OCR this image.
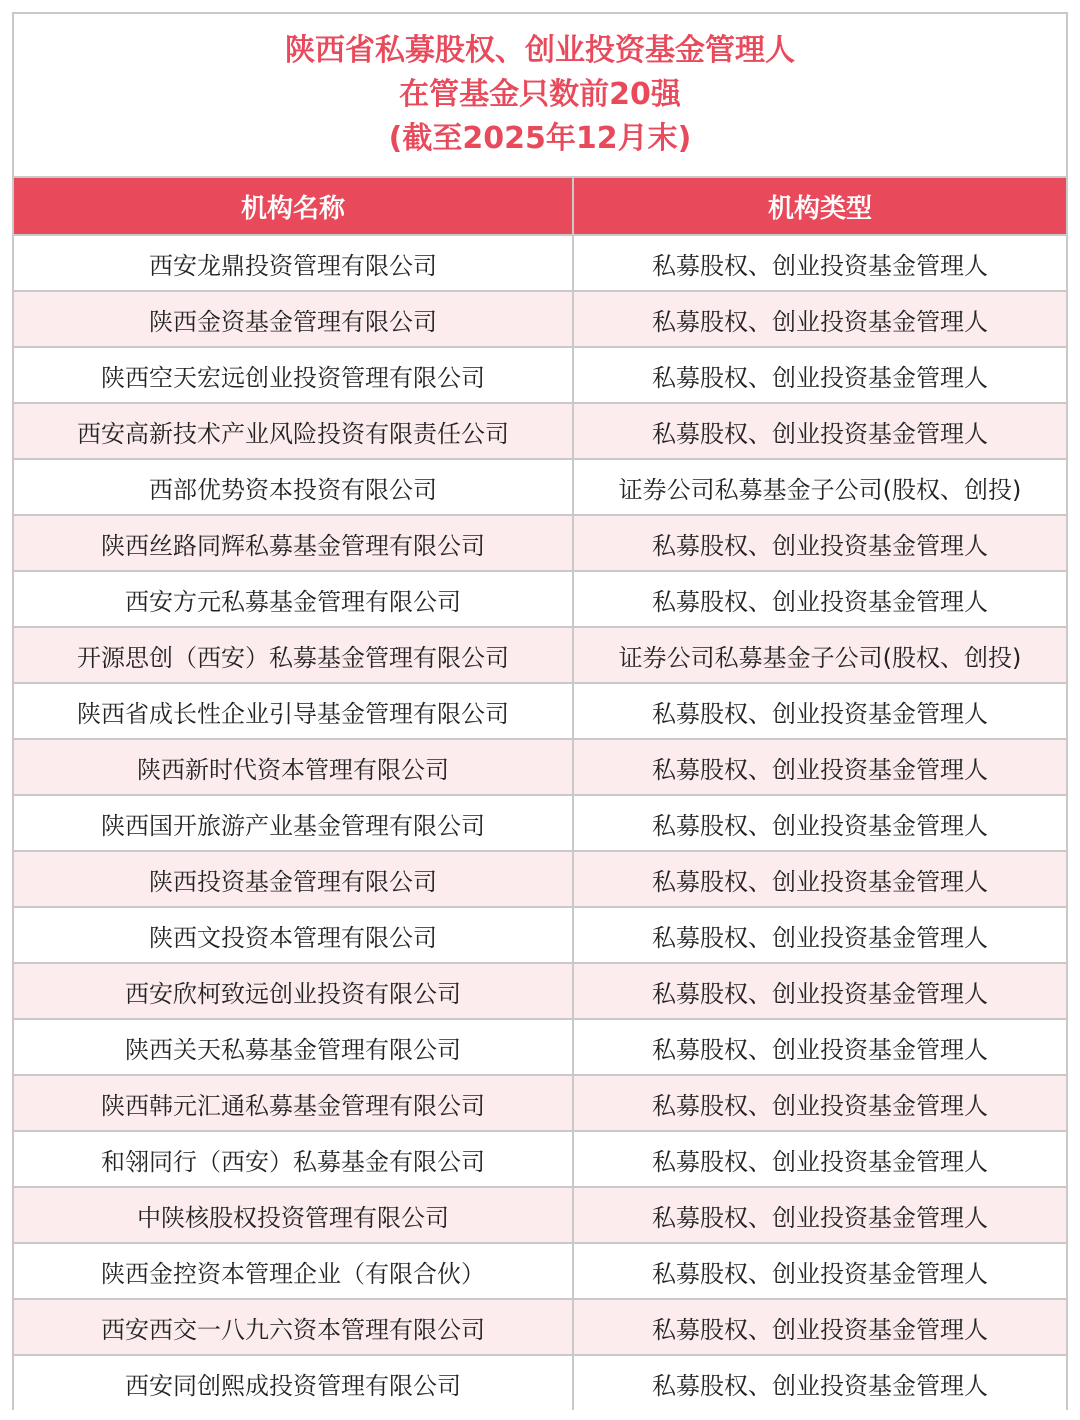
陕西省私募股权、创业投资基金管理人
在管基金只数前20强
(截至2025年12月末)
机构名称	机构类型
西安龙鼎投资管理有限公司	私募股权、创业投资基金管理人
陕西金资基金管理有限公司	私募股权、创业投资基金管理人
陕西空天宏远创业投资管理有限公司	私募股权、创业投资基金管理人
西安高新技术产业风险投资有限责任公司	私募股权、创业投资基金管理人
西部优势资本投资有限公司	证券公司私募基金子公司(股权、创投)
陕西丝路同辉私募基金管理有限公司	私募股权、创业投资基金管理人
西安方元私募基金管理有限公司	私募股权、创业投资基金管理人
开源思创（西安）私募基金管理有限公司	证券公司私募基金子公司(股权、创投)
陕西省成长性企业引导基金管理有限公司	私募股权、创业投资基金管理人
陕西新时代资本管理有限公司	私募股权、创业投资基金管理人
陕西国开旅游产业基金管理有限公司	私募股权、创业投资基金管理人
陕西投资基金管理有限公司	私募股权、创业投资基金管理人
陕西文投资本管理有限公司	私募股权、创业投资基金管理人
西安欣柯致远创业投资有限公司	私募股权、创业投资基金管理人
陕西关天私募基金管理有限公司	私募股权、创业投资基金管理人
陕西韩元汇通私募基金管理有限公司	私募股权、创业投资基金管理人
和翎同行（西安）私募基金有限公司	私募股权、创业投资基金管理人
中陕核股权投资管理有限公司	私募股权、创业投资基金管理人
陕西金控资本管理企业（有限合伙）	私募股权、创业投资基金管理人
西安西交一八九六资本管理有限公司	私募股权、创业投资基金管理人
西安同创熙成投资管理有限公司	私募股权、创业投资基金管理人
